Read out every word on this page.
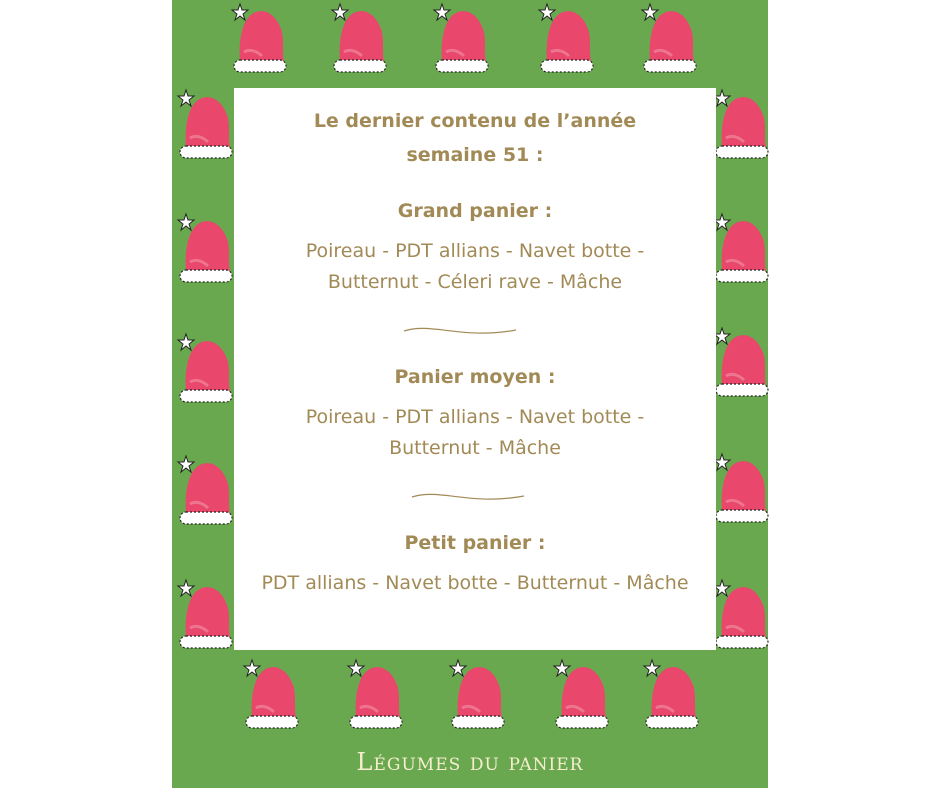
Le dernier contenu de l’année

semaine 51 :

Grand panier :

Poireau - PDT allians - Navet botte -

Butternut - Céleri rave - Mâche

Panier moyen :

Poireau - PDT allians - Navet botte -

Butternut - Mâche

Petit panier :

PDT allians - Navet botte - Butternut - Mâche

Légumes du panier
